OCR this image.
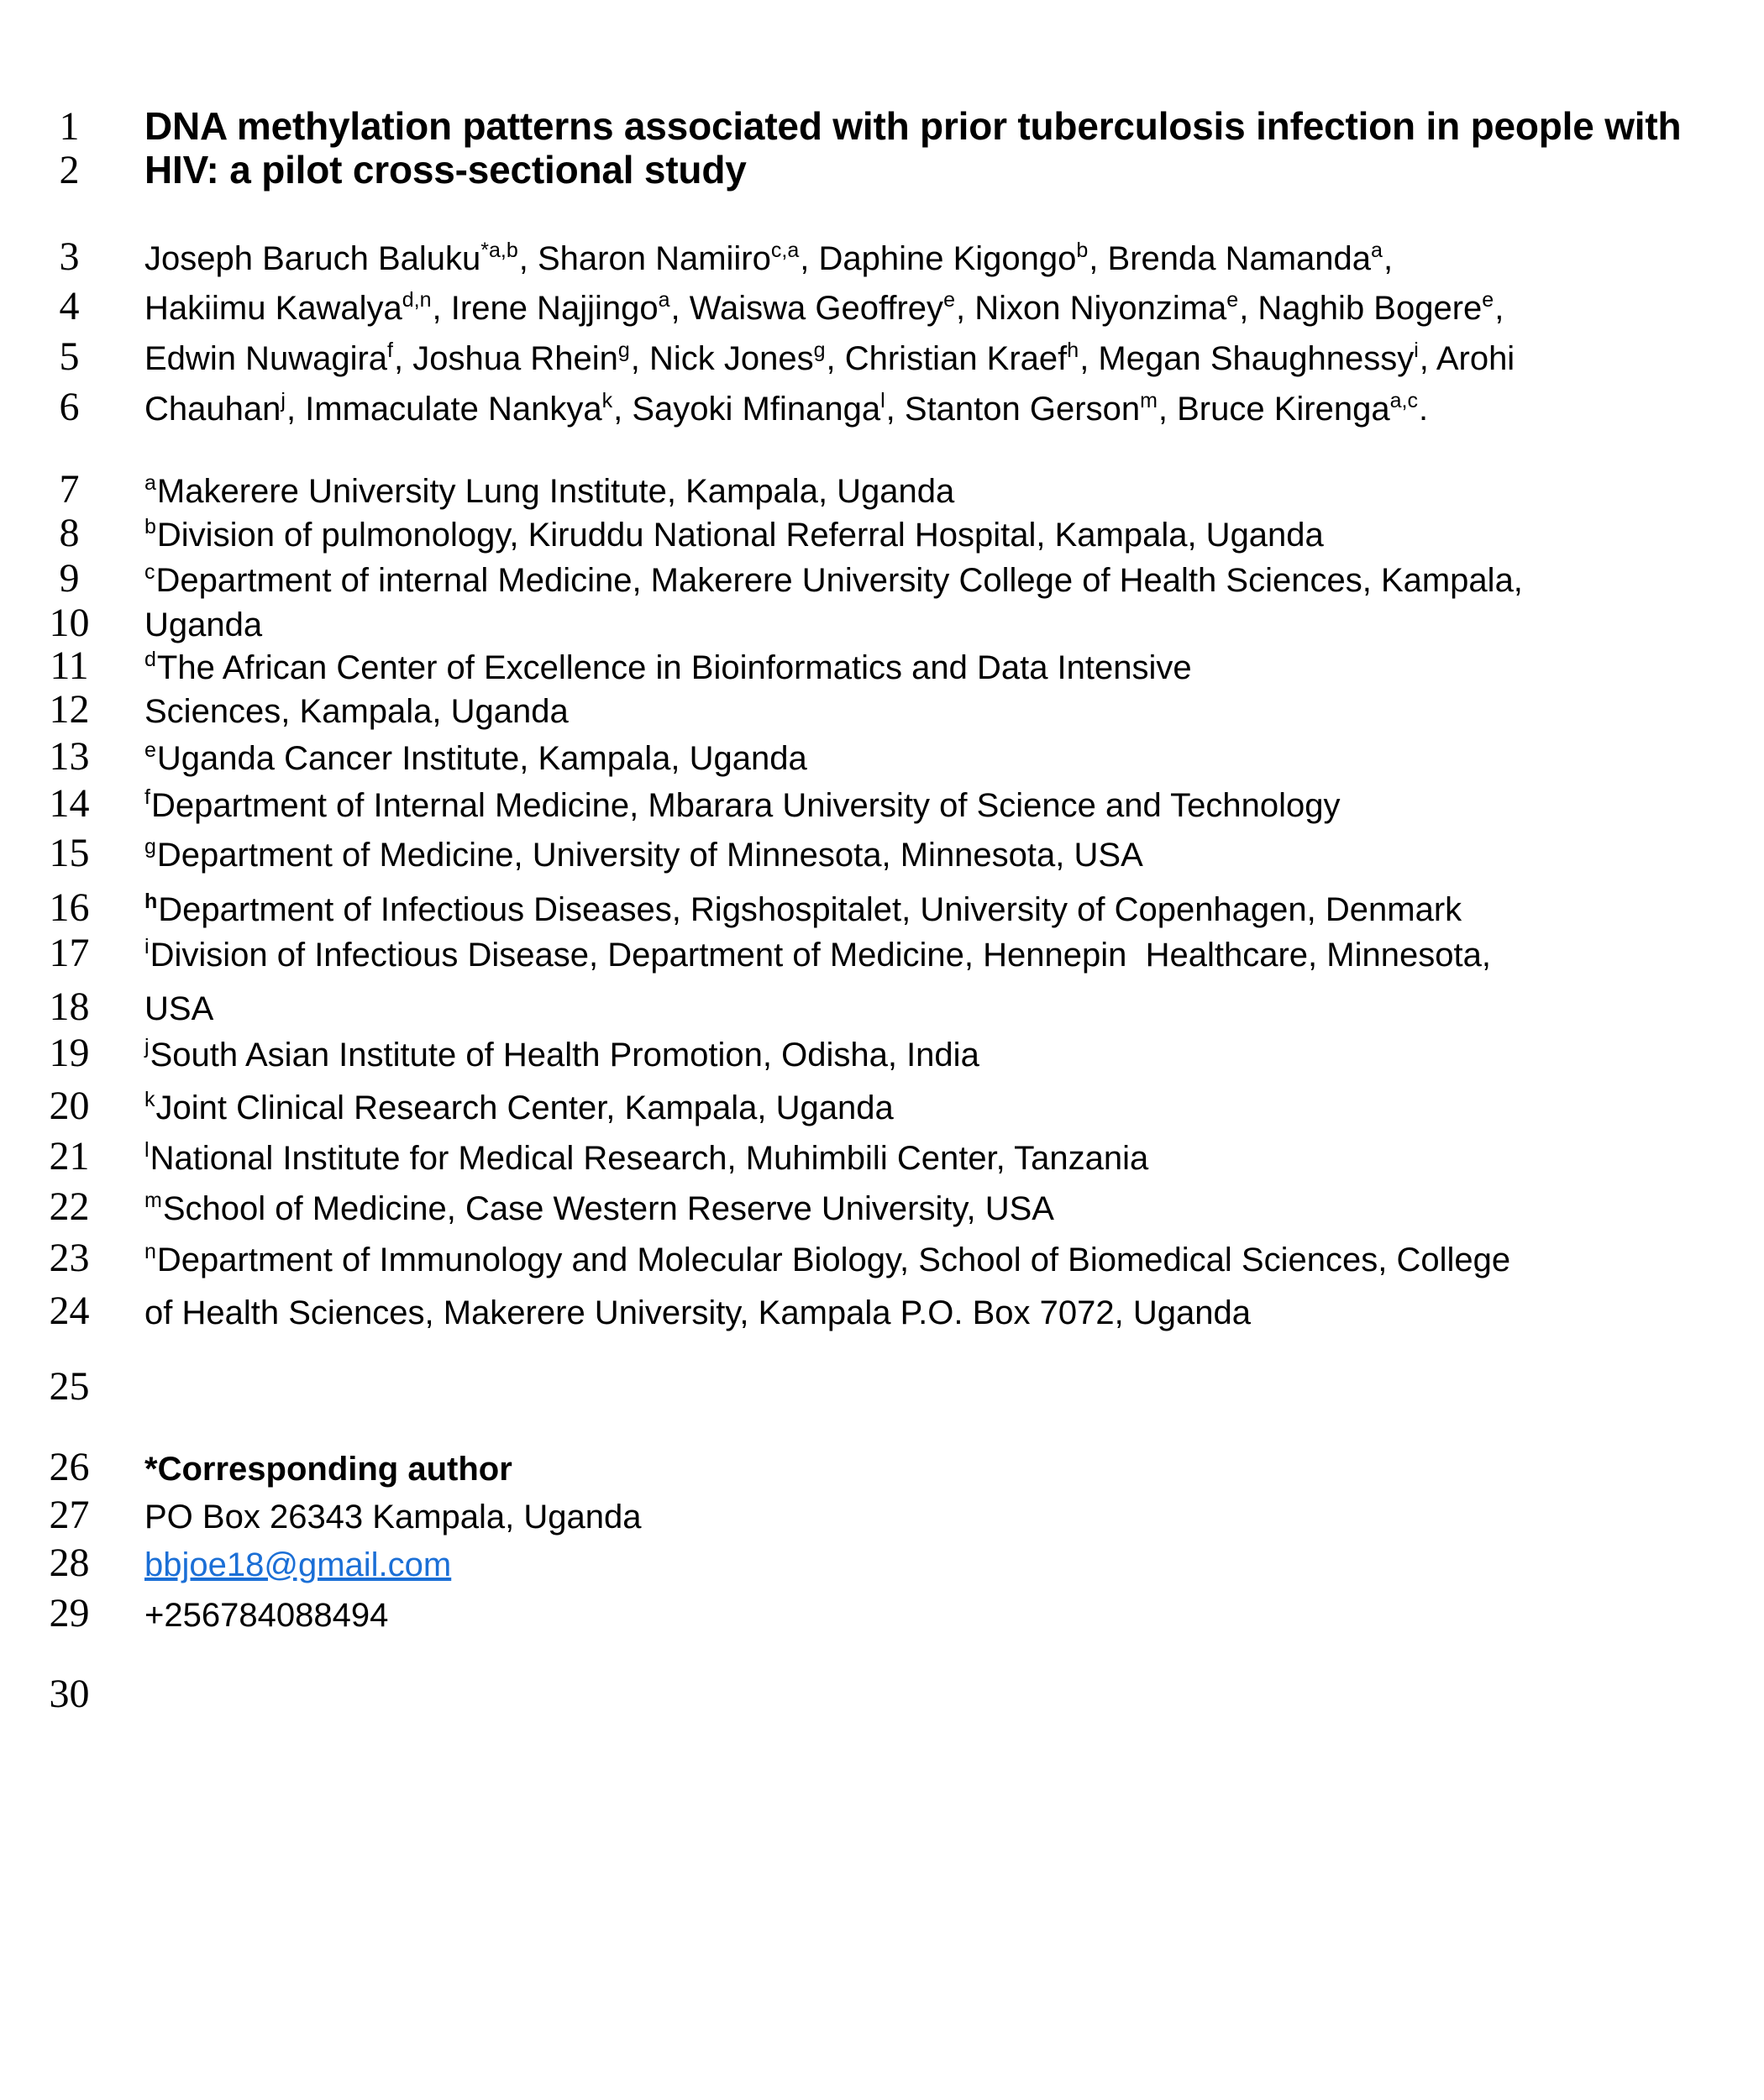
1 DNA methylation patterns associated with prior tuberculosis infection in people with
2 HIV: a pilot cross-sectional study
3 Joseph Baruch Baluku$^{*a,b}$, Sharon Namiiro$^{c,a}$, Daphine Kigongo$^b$, Brenda Namanda$^a$,
4 Hakiimu Kawalya$^{d,n}$, Irene Najjingo$^a$, Waiswa Geoffrey$^e$, Nixon Niyonzima$^e$, Naghib Bogere$^e$,
5 Edwin Nuwagira$^f$, Joshua Rhein$^g$, Nick Jones$^g$, Christian Kraef$^h$, Megan Shaughnessy$^i$, Arohi
6 Chauhan$^j$, Immaculate Nankya$^k$, Sayoki Mfinanga$^l$, Stanton Gerson$^m$, Bruce Kirenga$^{a,c}$.
7	$^a$Makerere University Lung Institute, Kampala, Uganda
8	$^b$Division of pulmonology, Kiruddu National Referral Hospital, Kampala, Uganda
9	$^c$Department of internal Medicine, Makerere University College of Health Sciences, Kampala,
10 Uganda
11	$^d$The African Center of Excellence in Bioinformatics and Data Intensive
12 Sciences, Kampala, Uganda
13	$^e$Uganda Cancer Institute, Kampala, Uganda
14	$^f$Department of Internal Medicine, Mbarara University of Science and Technology
15	$^g$Department of Medicine, University of Minnesota, Minnesota, USA
16	$^h$Department of Infectious Diseases, Rigshospitalet, University of Copenhagen, Denmark
17	$^i$Division of Infectious Disease, Department of Medicine, Hennepin  Healthcare, Minnesota,
18 USA
19	$^j$South Asian Institute of Health Promotion, Odisha, India
20	$^k$Joint Clinical Research Center, Kampala, Uganda
21	$^l$National Institute for Medical Research, Muhimbili Center, Tanzania
22	$^m$School of Medicine, Case Western Reserve University, USA
23	$^n$Department of Immunology and Molecular Biology, School of Biomedical Sciences, College
24 of Health Sciences, Makerere University, Kampala P.O. Box 7072, Uganda
25
26 *Corresponding author
27 PO Box 26343 Kampala, Uganda
28 bbjoe18@gmail.com
29 +256784088494
30
